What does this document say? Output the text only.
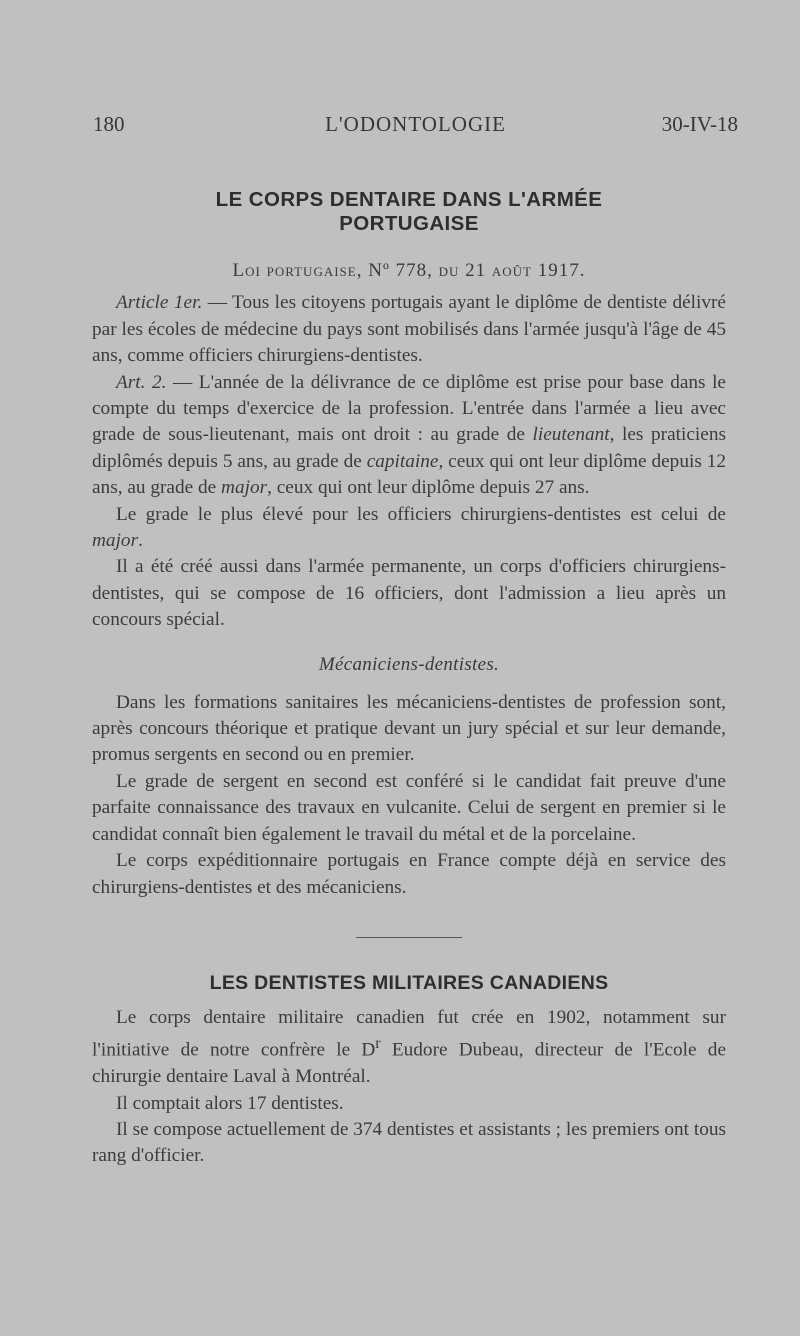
180	L'ODONTOLOGIE	30-IV-18
LE CORPS DENTAIRE DANS L'ARMÉE
PORTUGAISE
Loi portugaise, Nº 778, du 21 août 1917.

Article 1er. — Tous les citoyens portugais ayant le diplôme de dentiste délivré par les écoles de médecine du pays sont mobilisés dans l'armée jusqu'à l'âge de 45 ans, comme officiers chirurgiens-dentistes.

Art. 2. — L'année de la délivrance de ce diplôme est prise pour base dans le compte du temps d'exercice de la profession. L'entrée dans l'armée a lieu avec grade de sous-lieutenant, mais ont droit : au grade de lieutenant, les praticiens diplômés depuis 5 ans, au grade de capitaine, ceux qui ont leur diplôme depuis 12 ans, au grade de major, ceux qui ont leur diplôme depuis 27 ans.

Le grade le plus élevé pour les officiers chirurgiens-dentistes est celui de major.

Il a été créé aussi dans l'armée permanente, un corps d'officiers chirurgiens-dentistes, qui se compose de 16 officiers, dont l'admission a lieu après un concours spécial.

Mécaniciens-dentistes.

Dans les formations sanitaires les mécaniciens-dentistes de profession sont, après concours théorique et pratique devant un jury spécial et sur leur demande, promus sergents en second ou en premier.

Le grade de sergent en second est conféré si le candidat fait preuve d'une parfaite connaissance des travaux en vulcanite. Celui de sergent en premier si le candidat connaît bien également le travail du métal et de la porcelaine.

Le corps expéditionnaire portugais en France compte déjà en service des chirurgiens-dentistes et des mécaniciens.

LES DENTISTES MILITAIRES CANADIENS

Le corps dentaire militaire canadien fut crée en 1902, notamment sur l'initiative de notre confrère le $D^r$ Eudore Dubeau, directeur de l'Ecole de chirurgie dentaire Laval à Montréal.

Il comptait alors 17 dentistes.

Il se compose actuellement de 374 dentistes et assistants ; les premiers ont tous rang d'officier.
